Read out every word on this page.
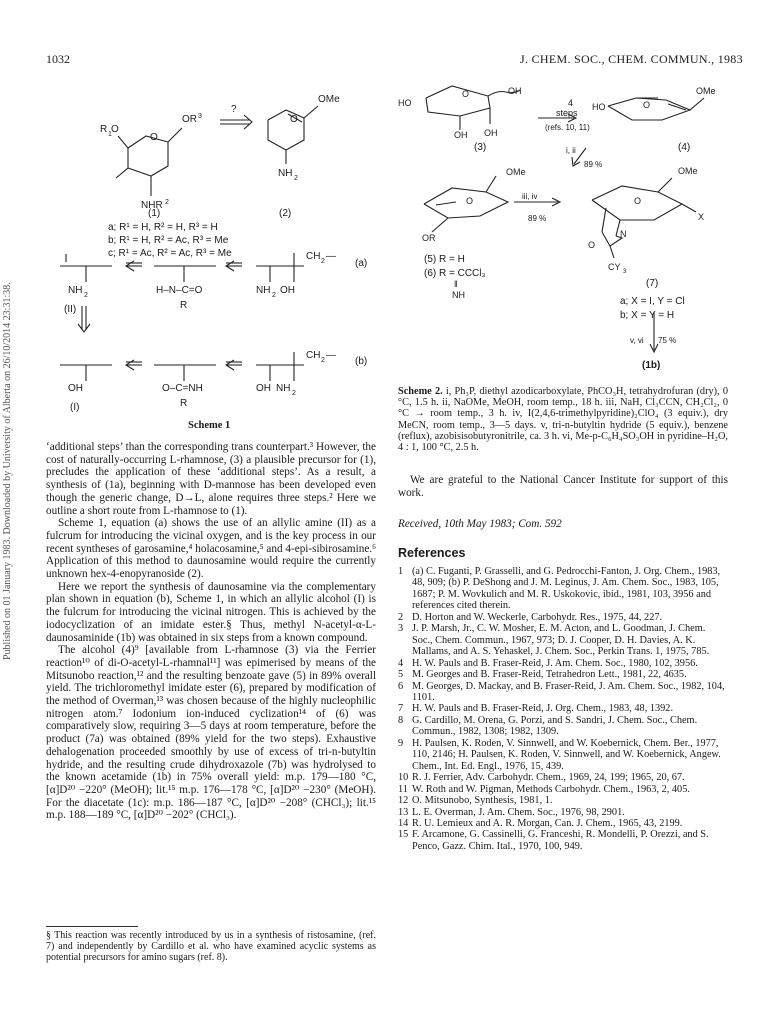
1032	J. CHEM. SOC., CHEM. COMMUN., 1983
Published on 01 January 1983. Downloaded by University of Alberta on 26/10/2014 23:31:38.
OR 3
O
R 1 O
NHR 2
?
OMe
O
NH 2
CH 2 —
NH 2	H–N–C=O
R
NH 2 OH
CH 2 —
OH	O–C=NH
R
OH NH 2
(1)	(2)
a; R¹ = H, R² = H, R³ = H
b; R¹ = H, R² = Ac, R³ = Me
c; R¹ = Ac, R² = Ac, R³ = Me
(a)
(b)
(II)
(I)
Scheme 1

‘additional steps’ than the corresponding trans counterpart.³ However, the cost of naturally-occurring L-rhamnose, (3) a plausible precursor for (1), precludes the application of these ‘additional steps’. As a result, a synthesis of (1a), beginning with D-mannose has been developed even though the generic change, D→L, alone requires three steps.² Here we outline a short route from L-rhamnose to (1).

Scheme 1, equation (a) shows the use of an allylic amine (II) as a fulcrum for introducing the vicinal oxygen, and is the key process in our recent syntheses of garosamine,⁴ holacosamine,⁵ and 4-epi-sibirosamine.⁶ Application of this method to daunosamine would require the currently unknown hex-4-enopyranoside (2).

Here we report the synthesis of daunosamine via the complementary plan shown in equation (b), Scheme 1, in which an allylic alcohol (I) is the fulcrum for introducing the vicinal nitrogen. This is achieved by the iodocyclization of an imidate ester.§ Thus, methyl N-acetyl-α-L-daunosaminide (1b) was obtained in six steps from a known compound.

The alcohol (4)⁹ [available from L-rhamnose (3) via the Ferrier reaction¹⁰ of di-O-acetyl-L-rhamnal¹¹] was epimerised by means of the Mitsunobo reaction,¹² and the resulting benzoate gave (5) in 89% overall yield. The trichloromethyl imidate ester (6), prepared by modification of the method of Overman,¹³ was chosen because of the highly nucleophilic nitrogen atom.⁷ Iodonium ion-induced cyclization¹⁴ of (6) was comparatively slow, requiring 3—5 days at room temperature, before the product (7a) was obtained (89% yield for the two steps). Exhaustive dehalogenation proceeded smoothly by use of excess of tri-n-butyltin hydride, and the resulting crude dihydroxazole (7b) was hydrolysed to the known acetamide (1b) in 75% overall yield: m.p. 179—180 °C, [α]D²⁰ −220° (MeOH); lit.¹⁵ m.p. 176—178 °C, [α]D²⁰ −230° (MeOH). For the diacetate (1c): m.p. 186—187 °C, [α]D²⁰ −208° (CHCl₃); lit.¹⁵ m.p. 188—189 °C, [α]D²⁰ −202° (CHCl₃).

§ This reaction was recently introduced by us in a synthesis of ristosamine, (ref. 7) and independently by Cardillo et al. who have examined acyclic systems as potential precursors for amino sugars (ref. 8).
HO
O	OH
OH OH
HO	O
OMe
OMe
O
OR
OMe
O
X
N
O
CY 3
4
steps
(refs. 10, 11)
(3)	(4)
i, ii
89 %
iii, iv
89 %
(5) R = H
(6) R = CCCl₃
‖
NH
(7)
a; X = I, Y = Cl
b; X = Y = H
v, vi 75 %
(1b)
Scheme 2. i, Ph₃P, diethyl azodicarboxylate, PhCO₃H, tetrahydrofuran (dry), 0 °C, 1.5 h. ii, NaOMe, MeOH, room temp., 18 h. iii, NaH, Cl₃CCN, CH₂Cl₂, 0 °C → room temp., 3 h. iv, I(2,4,6-trimethylpyridine)₂ClO₄ (3 equiv.), dry MeCN, room temp., 3—5 days. v, tri-n-butyltin hydride (5 equiv.), benzene (reflux), azobisisobutyronitrile, ca. 3 h. vi, Me-p-C₆H₄SO₃OH in pyridine–H₂O, 4 : 1, 100 °C, 2.5 h.
We are grateful to the National Cancer Institute for support of this work.
Received, 10th May 1983; Com. 592
References
1 (a) C. Fuganti, P. Grasselli, and G. Pedrocchi-Fanton, J. Org. Chem., 1983, 48, 909; (b) P. DeShong and J. M. Leginus, J. Am. Chem. Soc., 1983, 105, 1687; P. M. Wovkulich and M. R. Uskokovic, ibid., 1981, 103, 3956 and references cited therein.
2 D. Horton and W. Weckerle, Carbohydr. Res., 1975, 44, 227.
3 J. P. Marsh, Jr., C. W. Mosher, E. M. Acton, and L. Goodman, J. Chem. Soc., Chem. Commun., 1967, 973; D. J. Cooper, D. H. Davies, A. K. Mallams, and A. S. Yehaskel, J. Chem. Soc., Perkin Trans. 1, 1975, 785.
4 H. W. Pauls and B. Fraser-Reid, J. Am. Chem. Soc., 1980, 102, 3956.
5 M. Georges and B. Fraser-Reid, Tetrahedron Lett., 1981, 22, 4635.
6 M. Georges, D. Mackay, and B. Fraser-Reid, J. Am. Chem. Soc., 1982, 104, 1101.
7 H. W. Pauls and B. Fraser-Reid, J. Org. Chem., 1983, 48, 1392.
8 G. Cardillo, M. Orena, G. Porzi, and S. Sandri, J. Chem. Soc., Chem. Commun., 1982, 1308; 1982, 1309.
9 H. Paulsen, K. Roden, V. Sinnwell, and W. Koebernick, Chem. Ber., 1977, 110, 2146; H. Paulsen, K. Roden, V. Sinnwell, and W. Koebernick, Angew. Chem., Int. Ed. Engl., 1976, 15, 439.
10 R. J. Ferrier, Adv. Carbohydr. Chem., 1969, 24, 199; 1965, 20, 67.
11 W. Roth and W. Pigman, Methods Carbohydr. Chem., 1963, 2, 405.
12 O. Mitsunobo, Synthesis, 1981, 1.
13 L. E. Overman, J. Am. Chem. Soc., 1976, 98, 2901.
14 R. U. Lemieux and A. R. Morgan, Can. J. Chem., 1965, 43, 2199.
15 F. Arcamone, G. Cassinelli, G. Franceshi, R. Mondelli, P. Orezzi, and S. Penco, Gazz. Chim. Ital., 1970, 100, 949.
